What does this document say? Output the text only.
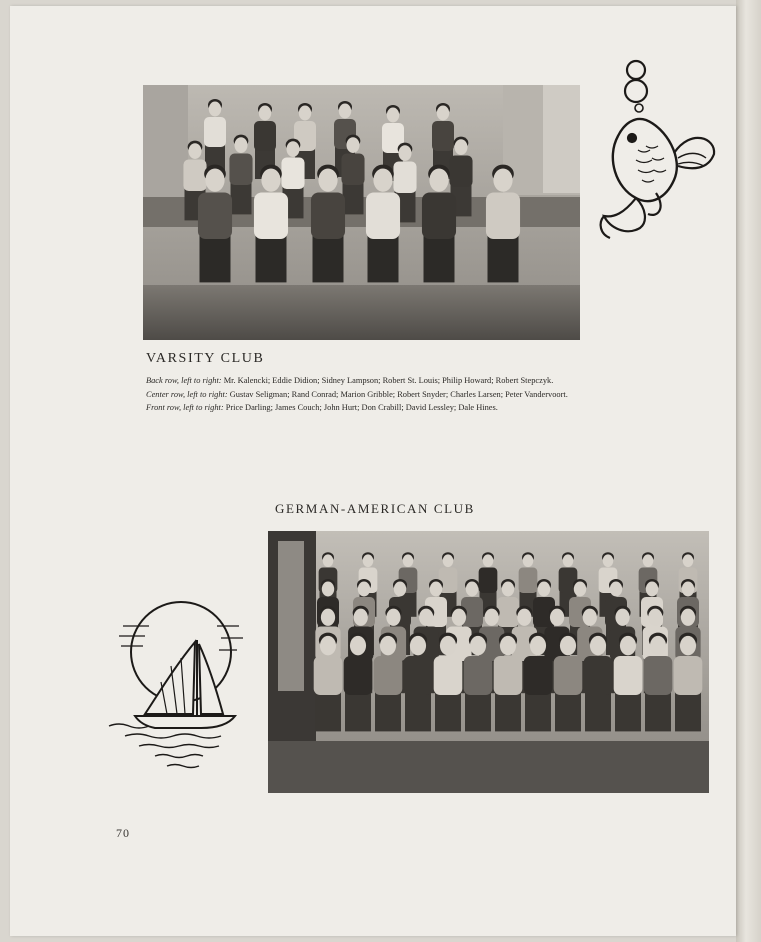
VARSITY CLUB
Back row, left to right: Mr. Kalencki; Eddie Didion; Sidney Lampson; Robert St. Louis; Philip Howard; Robert Stepczyk.
Center row, left to right: Gustav Seligman; Rand Conrad; Marion Gribble; Robert Snyder; Charles Larsen; Peter Vandervoort.
Front row, left to right: Price Darling; James Couch; John Hurt; Don Crabill; David Lessley; Dale Hines.
GERMAN-AMERICAN CLUB
70
